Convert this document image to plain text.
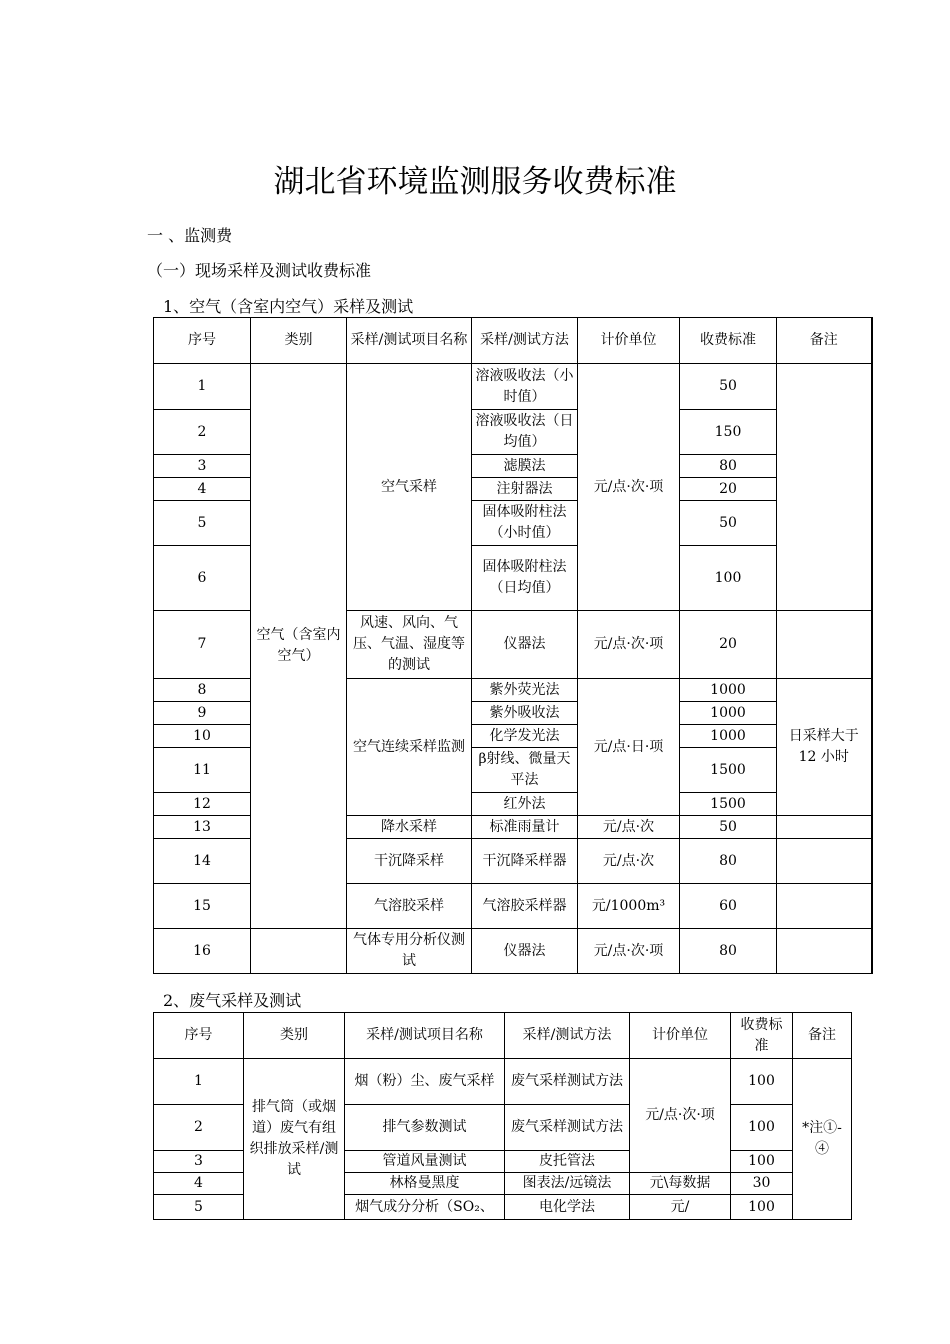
湖北省环境监测服务收费标准
一 、监测费
（一）现场采样及测试收费标准
1、空气（含室内空气）采样及测试
序号	类别	采样/测试项目名称	采样/测试方法	计价单位	收费标准	备注
1	空气（含室内空气）	空气采样	溶液吸收法（小时值）	元/点·次·项	50	
2			溶液吸收法（日均值）		150	
3			滤膜法		80	
4			注射器法		20	
5			固体吸附柱法（小时值）		50	
6			固体吸附柱法（日均值）		100	
7		风速、风向、气压、气温、湿度等的测试	仪器法	元/点·次·项	20	
8		空气连续采样监测	紫外荧光法	元/点·日·项	1000	日采样大于 12 小时
9			紫外吸收法		1000	
10			化学发光法		1000	
11			β射线、微量天平法		1500	
12			红外法		1500	
13		降水采样	标准雨量计	元/点·次	50	
14		干沉降采样	干沉降采样器	元/点·次	80	
15		气溶胶采样	气溶胶采样器	元/1000m³	60	
16		气体专用分析仪测试	仪器法	元/点·次·项	80	
2、废气采样及测试
序号	类别	采样/测试项目名称	采样/测试方法	计价单位	收费标准	备注
1	排气筒（或烟道）废气有组织排放采样/测试	烟（粉）尘、废气采样	废气采样测试方法	元/点·次·项	100	*注①-④
2		排气参数测试	废气采样测试方法		100	
3		管道风量测试	皮托管法		100	
4		林格曼黑度	图表法/远镜法	元\每数据	30	
5		烟气成分分析（SO₂、	电化学法	元/	100	
